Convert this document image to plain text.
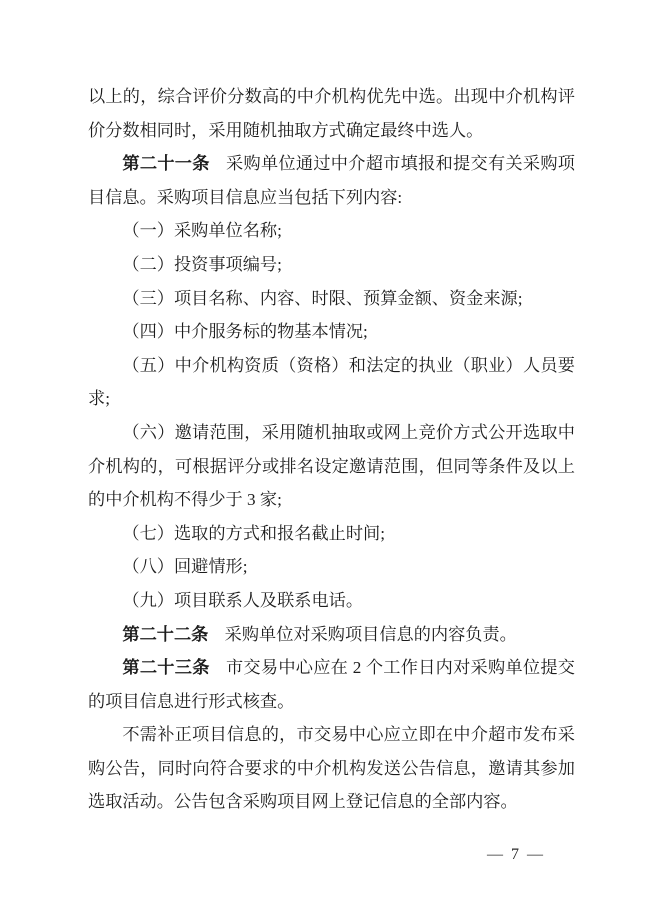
以上的，综合评价分数高的中介机构优先中选。出现中介机构评价分数相同时，采用随机抽取方式确定最终中选人。

第二十一条 采购单位通过中介超市填报和提交有关采购项目信息。采购项目信息应当包括下列内容:

（一）采购单位名称;

（二）投资事项编号;

（三）项目名称、内容、时限、预算金额、资金来源;

（四）中介服务标的物基本情况;

（五）中介机构资质（资格）和法定的执业（职业）人员要求;

（六）邀请范围，采用随机抽取或网上竞价方式公开选取中介机构的，可根据评分或排名设定邀请范围，但同等条件及以上的中介机构不得少于 3 家;

（七）选取的方式和报名截止时间;

（八）回避情形;

（九）项目联系人及联系电话。

第二十二条 采购单位对采购项目信息的内容负责。

第二十三条 市交易中心应在 2 个工作日内对采购单位提交的项目信息进行形式核查。

不需补正项目信息的，市交易中心应立即在中介超市发布采购公告，同时向符合要求的中介机构发送公告信息，邀请其参加选取活动。公告包含采购项目网上登记信息的全部内容。

— 7 —
